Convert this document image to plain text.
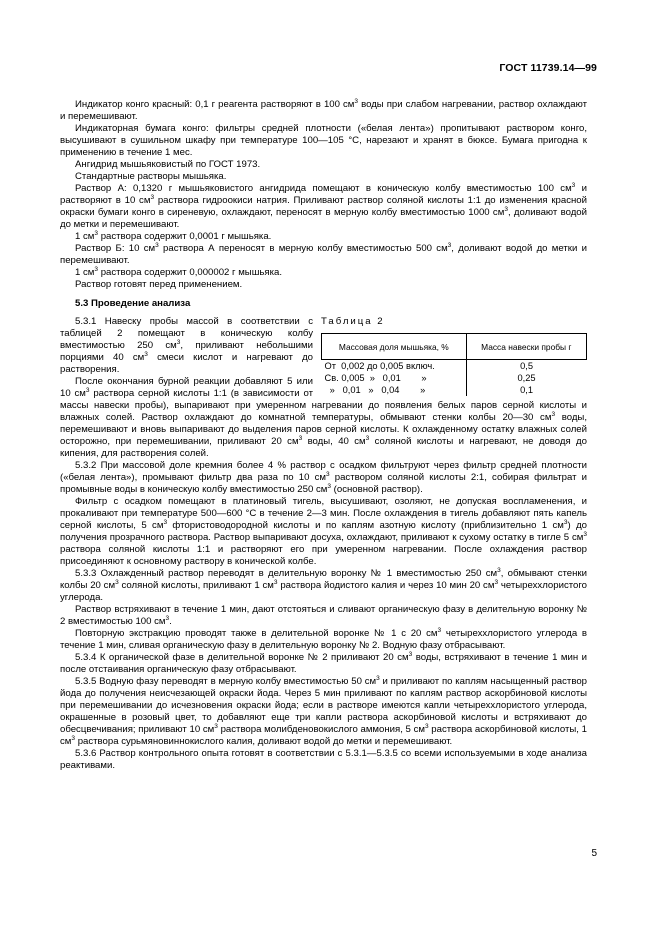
ГОСТ 11739.14—99

Индикатор конго красный: 0,1 г реагента растворяют в 100 $см^3$ воды при слабом нагревании, раствор охлаждают и перемешивают.

Индикаторная бумага конго: фильтры средней плотности («белая лента») пропитывают раствором конго, высушивают в сушильном шкафу при температуре 100—105 °С, нарезают и хранят в бюксе. Бумага пригодна к применению в течение 1 мес.

Ангидрид мышьяковистый по ГОСТ 1973.

Стандартные растворы мышьяка.

Раствор А: 0,1320 г мышьяковистого ангидрида помещают в коническую колбу вместимостью 100 $см^3$ и растворяют в 10 $см^3$ раствора гидроокиси натрия. Приливают раствор соляной кислоты 1:1 до изменения красной окраски бумаги конго в сиреневую, охлаждают, переносят в мерную колбу вместимостью 1000 $см^3$, доливают водой до метки и перемешивают.

1 $см^3$ раствора содержит 0,0001 г мышьяка.

Раствор Б: 10 $см^3$ раствора А переносят в мерную колбу вместимостью 500 $см^3$, доливают водой до метки и перемешивают.

1 $см^3$ раствора содержит 0,000002 г мышьяка.

Раствор готовят перед применением.

5.3 Проведение анализа

Таблица 2
Массовая доля мышьяка, %	Масса навески пробы г
От  0,002 до 0,005 включ.	0,5
Св. 0,005  »   0,01        »	0,25
»   0,01   »   0,04        »	0,1

5.3.1 Навеску пробы массой в соответствии с таблицей 2 помещают в коническую колбу вместимостью 250 $см^3$, приливают небольшими порциями 40 $см^3$ смеси кислот и нагревают до растворения.

После окончания бурной реакции добавляют 5 или 10 $см^3$ раствора серной кислоты 1:1 (в зависимости от массы навески пробы), выпаривают при умеренном нагревании до появления белых паров серной кислоты и влажных солей. Раствор охлаждают до комнатной температуры, обмывают стенки колбы 20—30 $см^3$ воды, перемешивают и вновь выпаривают до выделения паров серной кислоты. К охлажденному остатку влажных солей осторожно, при перемешивании, приливают 20 $см^3$ воды, 40 $см^3$ соляной кислоты и нагревают, не доводя до кипения, для растворения солей.

5.3.2 При массовой доле кремния более 4 % раствор с осадком фильтруют через фильтр средней плотности («белая лента»), промывают фильтр два раза по 10 $см^3$ раствором соляной кислоты 2:1, собирая фильтрат и промывные воды в коническую колбу вместимостью 250 $см^3$ (основной раствор).

Фильтр с осадком помещают в платиновый тигель, высушивают, озоляют, не допуская воспламенения, и прокаливают при температуре 500—600 °С в течение 2—3 мин. После охлаждения в тигель добавляют пять капель серной кислоты, 5 $см^3$ фтористоводородной кислоты и по каплям азотную кислоту (приблизительно 1 $см^3$) до получения прозрачного раствора. Раствор выпаривают досуха, охлаждают, приливают к сухому остатку в тигле 5 $см^3$ раствора соляной кислоты 1:1 и растворяют его при умеренном нагревании. После охлаждения раствор присоединяют к основному раствору в конической колбе.

5.3.3 Охлажденный раствор переводят в делительную воронку № 1 вместимостью 250 $см^3$, обмывают стенки колбы 20 $см^3$ соляной кислоты, приливают 1 $см^3$ раствора йодистого калия и через 10 мин 20 $см^3$ четыреххлористого углерода.

Раствор встряхивают в течение 1 мин, дают отстояться и сливают органическую фазу в делительную воронку № 2 вместимостью 100 $см^3$.

Повторную экстракцию проводят также в делительной воронке № 1 с 20 $см^3$ четыреххлористого углерода в течение 1 мин, сливая органическую фазу в делительную воронку № 2. Водную фазу отбрасывают.

5.3.4 К органической фазе в делительной воронке № 2 приливают 20 $см^3$ воды, встряхивают в течение 1 мин и после отстаивания органическую фазу отбрасывают.

5.3.5 Водную фазу переводят в мерную колбу вместимостью 50 $см^3$ и приливают по каплям насыщенный раствор йода до получения неисчезающей окраски йода. Через 5 мин приливают по каплям раствор аскорбиновой кислоты при перемешивании до исчезновения окраски йода; если в растворе имеются капли четыреххлористого углерода, окрашенные в розовый цвет, то добавляют еще три капли раствора аскорбиновой кислоты и встряхивают до обесцвечивания; приливают 10 $см^3$ раствора молибденовокислого аммония, 5 $см^3$ раствора аскорбиновой кислоты, 1 $см^3$ раствора сурьмяновиннокислого калия, доливают водой до метки и перемешивают.

5.3.6 Раствор контрольного опыта готовят в соответствии с 5.3.1—5.3.5 со всеми используемыми в ходе анализа реактивами.

5
